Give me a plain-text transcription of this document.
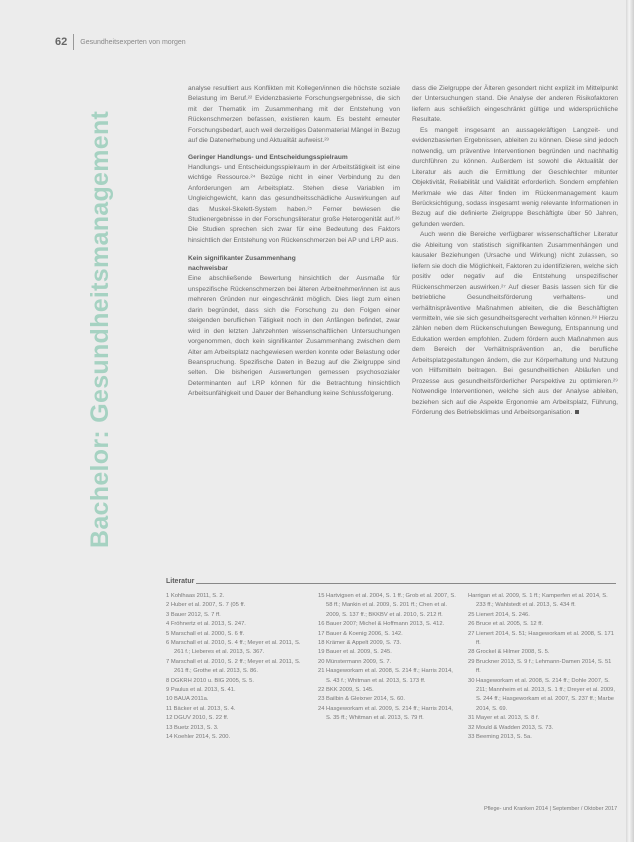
62 Gesundheitsexperten von morgen
Bachelor: Gesundheitsmanagement

analyse resultiert aus Konflikten mit Kollegen/innen die höchste soziale Belastung im Beruf.²² Evidenzbasierte Forschungsergebnisse, die sich mit der Thematik im Zusammenhang mit der Entstehung von Rückenschmerzen befassen, existieren kaum. Es besteht erneuter Forschungsbedarf, auch weil derzeitiges Datenmaterial Mängel in Bezug auf die Datenerhebung und Aktualität aufweist.²³

Geringer Handlungs- und Entscheidungsspielraum

Handlungs- und Entscheidungsspielraum in der Arbeitstätigkeit ist eine wichtige Ressource.²⁴ Bezüge nicht in einer Verbindung zu den Anforderungen am Arbeitsplatz. Stehen diese Variablen im Ungleichgewicht, kann das gesundheitsschädliche Auswirkungen auf das Muskel-Skelett-System haben.²⁵ Ferner bewiesen die Studienergebnisse in der Forschungsliteratur große Heterogenität auf.²⁶ Die Studien sprechen sich zwar für eine Bedeutung des Faktors hinsichtlich der Entstehung von Rückenschmerzen bei AP und LRP aus.

Kein signifikanter Zusammenhang
nachweisbar

Eine abschließende Bewertung hinsichtlich der Ausmaße für unspezifische Rückenschmerzen bei älteren Arbeitnehmer/innen ist aus mehreren Gründen nur eingeschränkt möglich. Dies liegt zum einen darin begründet, dass sich die Forschung zu den Folgen einer steigenden beruflichen Tätigkeit noch in den Anfängen befindet, zwar wird in den letzten Jahrzehnten wissenschaftlichen Untersuchungen vorgenommen, doch kein signifikanter Zusammenhang zwischen dem Alter am Arbeitsplatz nachgewiesen werden konnte oder Belastung oder Beanspruchung. Spezifische Daten in Bezug auf die Zielgruppe sind selten. Die bisherigen Auswertungen gemessen psychosozialer Determinanten auf LRP können für die Betrachtung hinsichtlich Arbeitsunfähigkeit und Dauer der Behandlung keine Schlussfolgerung.

dass die Zielgruppe der Älteren gesondert nicht explizit im Mittelpunkt der Untersuchungen stand. Die Analyse der anderen Risikofaktoren liefern aus schließlich eingeschränkt gültige und widersprüchliche Resultate.

Es mangelt insgesamt an aussagekräftigen Langzeit- und evidenzbasierten Ergebnissen, ableiten zu können. Diese sind jedoch notwendig, um präventive Interventionen begründen und nachhaltig durchführen zu können. Außerdem ist sowohl die Aktualität der Literatur als auch die Ermittlung der Geschlechter mitunter Objektivität, Reliabilität und Validität erforderlich. Sondern empfehlen Merkmale wie das Alter finden im Rückenmanagement kaum Berücksichtigung, sodass insgesamt wenig relevante Informationen in Bezug auf die definierte Zielgruppe Beschäftigte über 50 Jahren, gefunden werden.

Auch wenn die Bereiche verfügbarer wissenschaftlicher Literatur die Ableitung von statistisch signifikanten Zusammenhängen und kausaler Beziehungen (Ursache und Wirkung) nicht zulassen, so liefern sie doch die Möglichkeit, Faktoren zu identifizieren, welche sich positiv oder negativ auf die Entstehung unspezifischer Rückenschmerzen auswirken.²⁷ Auf dieser Basis lassen sich für die betriebliche Gesundheitsförderung verhaltens- und verhältnispräventive Maßnahmen ableiten, die die Beschäftigten vermitteln, wie sie sich gesundheitsgerecht verhalten können.²⁸ Hierzu zählen neben dem Rückenschulungen Bewegung, Entspannung und Edukation werden empfohlen. Zudem fördern auch Maßnahmen aus dem Bereich der Verhältnisprävention an, die berufliche Arbeitsplatzgestaltungen ändern, die zur Körperhaltung und Nutzung von Hilfsmitteln beitragen. Bei gesundheitlichen Abläufen und Prozesse aus gesundheitsförderlicher Perspektive zu optimieren.²⁹ Notwendige Interventionen, welche sich aus der Analyse ableiten, beziehen sich auf die Aspekte Ergonomie am Arbeitsplatz, Führung, Förderung des Betriebsklimas und Arbeitsorganisation.

Literatur
1 Kohlhaas 2011, S. 2.
2 Huber et al. 2007, S. 7 (05 ff.
3 Bauer 2012, S. 7 ff.
4 Fröhnertz et al. 2013, S. 247.
5 Marschall et al. 2000, S. 6 ff.
6 Marschall et al. 2010, S. 4 ff.; Meyer et al. 2011, S. 261 f.; Lieberes et al. 2013, S. 367.
7 Marschall et al. 2010, S. 2 ff.; Meyer et al. 2011, S. 261 ff.; Grothe et al. 2013, S. 86.
8 DGKRH 2010 u. BIG 2005, S. 5.
9 Paulus et al. 2013, S. 41.
10 BAUA 2011a.
11 Bäcker et al. 2013, S. 4.
12 DGUV 2010, S. 22 ff.
13 Buetz 2013, S. 3.
14 Koehler 2014, S. 200.
15 Hartvigsen et al. 2004, S. 1 ff.; Grob et al. 2007, S. 58 ff.; Mankin et al. 2009, S. 201 ff.; Chen et al. 2009, S. 137 ff.; BKKBV et al. 2010, S. 212 ff.
16 Bauer 2007; Michel & Hoffmann 2013, S. 412.
17 Bauer & Koenig 2006, S. 142.
18 Krämer & Appelt 2009, S. 73.
19 Bauer et al. 2009, S. 245.
20 Münstermann 2009, S. 7.
21 Hasgeworkam et al. 2008, S. 214 ff.; Harris 2014, S. 43 f.; Whitman et al. 2013, S. 173 ff.
22 BKK 2009, S. 145.
23 Bailbin & Gleixner 2014, S. 60.
24 Hasgeworkam et al. 2009, S. 214 ff.; Harris 2014, S. 35 ff.; Whitman et al. 2013, S. 79 ff.
Harrigan et al. 2009, S. 1 ff.; Kamperfen et al. 2014, S. 233 ff.; Wahlstedt et al. 2013, S. 434 ff.
25 Lienert 2014, S. 246.
26 Bruce et al. 2005, S. 12 ff.
27 Lienert 2014, S. 51; Hasgeworkam et al. 2008, S. 171 ff.
28 Grockel & Hilmer 2008, S. 5.
29 Bruckner 2013, S. 9 f.; Lehmann-Damen 2014, S. 51 ff.
30 Hasgeworkam et al. 2008, S. 214 ff.; Dohle 2007, S. 211; Mannheim et al. 2013, S. 1 ff.; Dreyer et al. 2009, S. 244 ff.; Hasgeworkam et al. 2007, S. 237 ff.; Marbe 2014, S. 69.
31 Mayer et al. 2013, S. 8 f.
32 Mould & Wadden 2013, S. 73.
33 Beeming 2013, S. 5a.
Pflege- und Kranken 2014 | September / Oktober 2017
